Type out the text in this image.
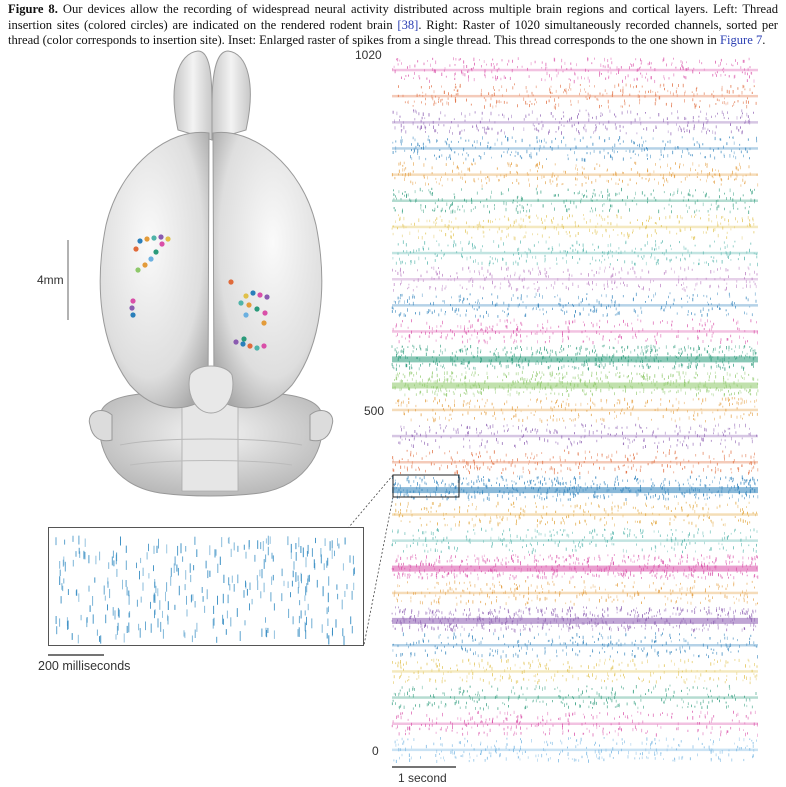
Figure 8. Our devices allow the recording of widespread neural activity distributed across multiple brain regions and cortical layers. Left: Thread insertion sites (colored circles) are indicated on the rendered rodent brain [38]. Right: Raster of 1020 simultaneously recorded channels, sorted per thread (color corresponds to insertion site). Inset: Enlarged raster of spikes from a single thread. This thread corresponds to the one shown in Figure 7.
4mm
1020
500
0
1 second
200 milliseconds
